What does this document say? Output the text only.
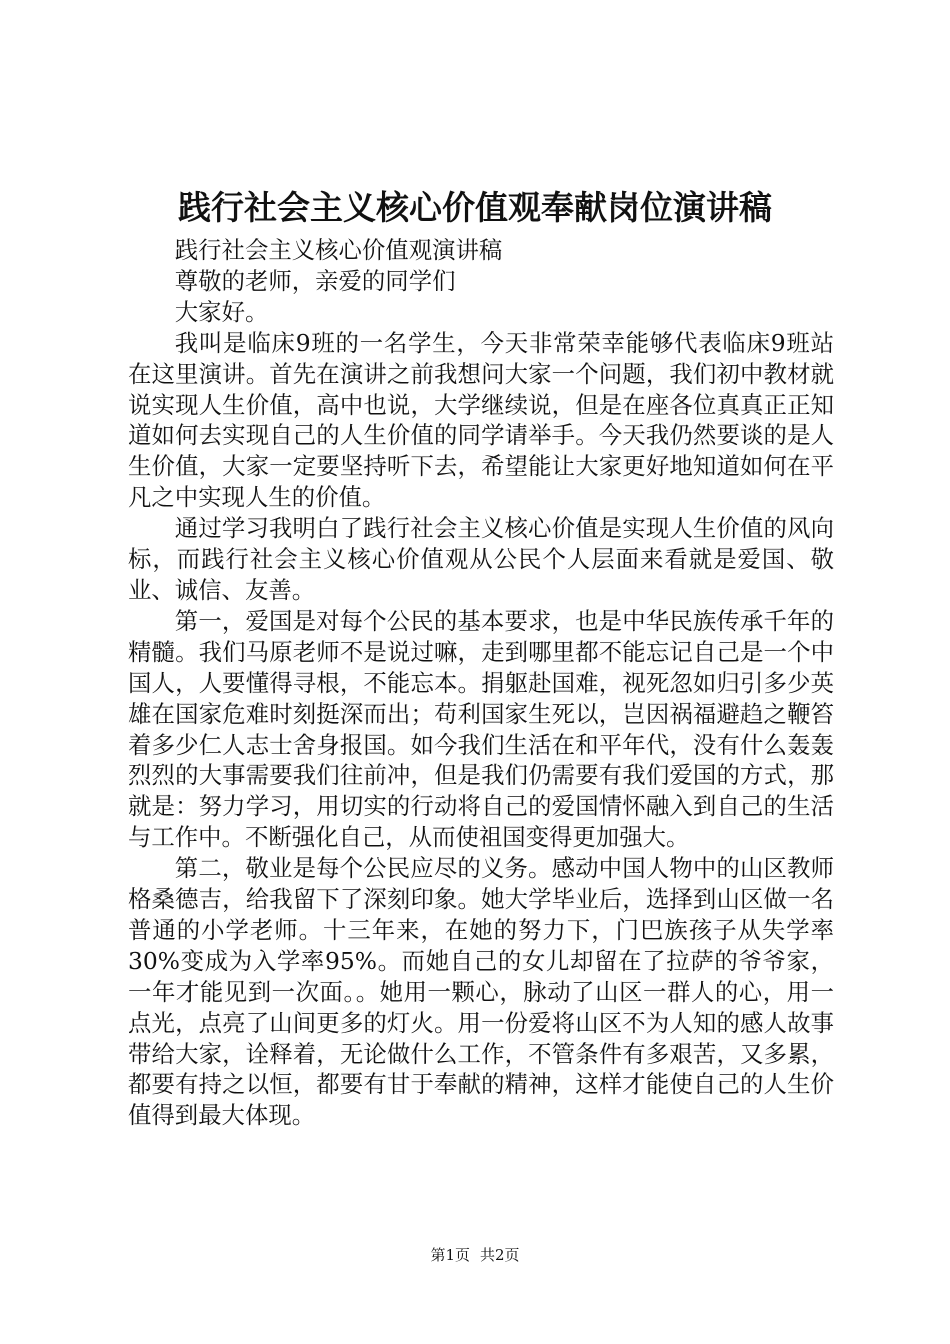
践行社会主义核心价值观奉献岗位演讲稿

践行社会主义核心价值观演讲稿

尊敬的老师，亲爱的同学们

大家好。

我叫是临床9班的一名学生，今天非常荣幸能够代表临床9班站在这里演讲。首先在演讲之前我想问大家一个问题，我们初中教材就说实现人生价值，高中也说，大学继续说，但是在座各位真真正正知道如何去实现自己的人生价值的同学请举手。今天我仍然要谈的是人生价值，大家一定要坚持听下去，希望能让大家更好地知道如何在平凡之中实现人生的价值。

通过学习我明白了践行社会主义核心价值是实现人生价值的风向标，而践行社会主义核心价值观从公民个人层面来看就是爱国、敬业、诚信、友善。

第一，爱国是对每个公民的基本要求，也是中华民族传承千年的精髓。我们马原老师不是说过嘛，走到哪里都不能忘记自己是一个中国人，人要懂得寻根，不能忘本。捐躯赴国难，视死忽如归引多少英雄在国家危难时刻挺深而出；苟利国家生死以，岂因祸福避趋之鞭笞着多少仁人志士舍身报国。如今我们生活在和平年代，没有什么轰轰烈烈的大事需要我们往前冲，但是我们仍需要有我们爱国的方式，那就是：努力学习，用切实的行动将自己的爱国情怀融入到自己的生活与工作中。不断强化自己，从而使祖国变得更加强大。

第二，敬业是每个公民应尽的义务。感动中国人物中的山区教师格桑德吉，给我留下了深刻印象。她大学毕业后，选择到山区做一名普通的小学老师。十三年来，在她的努力下，门巴族孩子从失学率30%变成为入学率95%。而她自己的女儿却留在了拉萨的爷爷家，一年才能见到一次面。。她用一颗心，脉动了山区一群人的心，用一点光，点亮了山间更多的灯火。用一份爱将山区不为人知的感人故事带给大家，诠释着，无论做什么工作，不管条件有多艰苦，又多累，都要有持之以恒，都要有甘于奉献的精神，这样才能使自己的人生价值得到最大体现。

第1页 共2页
